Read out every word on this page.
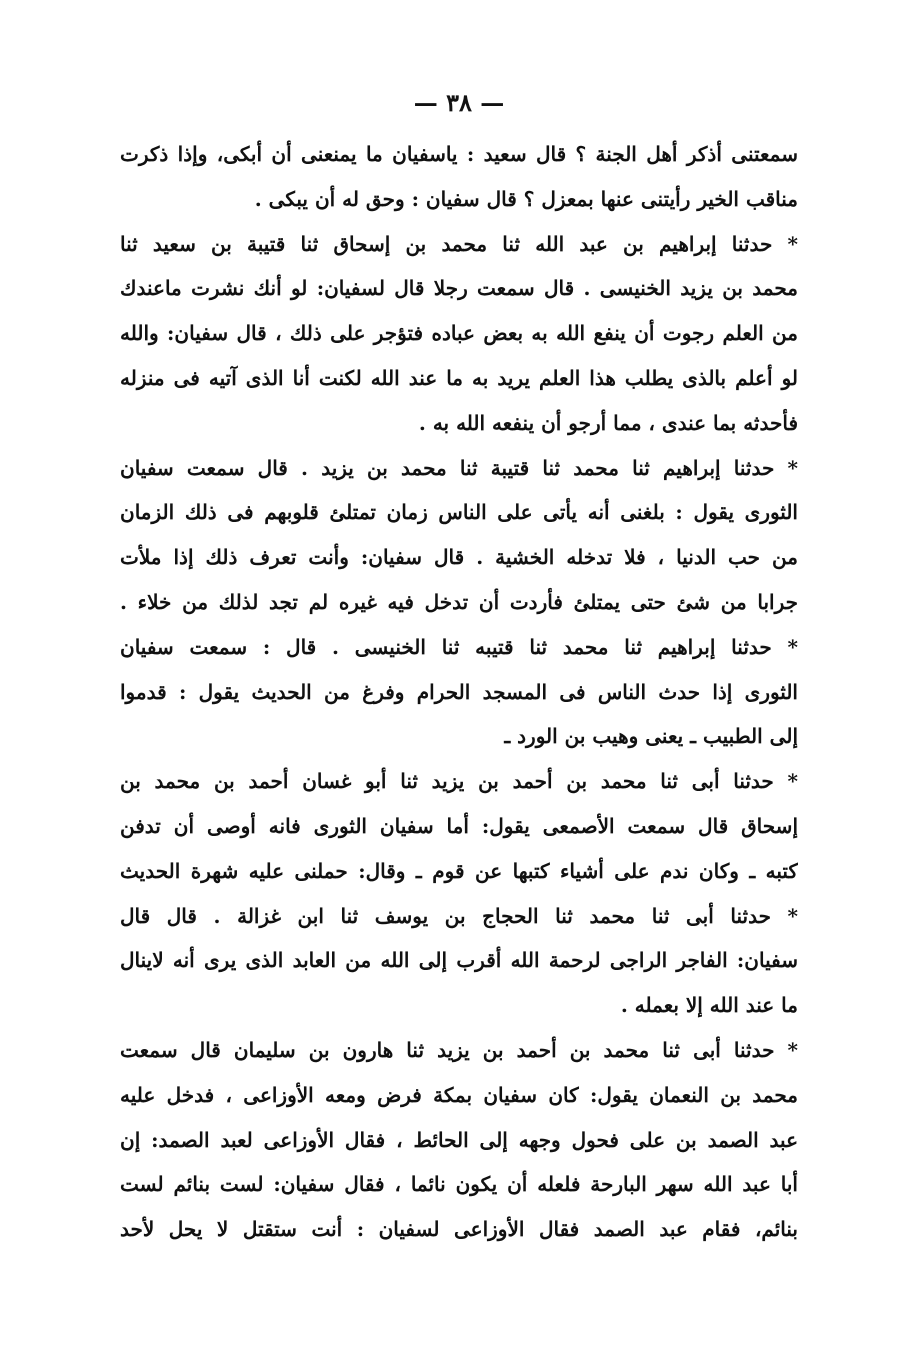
— ٣٨ —
سمعتنى أذكر أهل الجنة ؟ قال سعيد : ياسفيان ما يمنعنى أن أبكى، وإذا ذكرت
مناقب الخير رأيتنى عنها بمعزل ؟ قال سفيان : وحق له أن يبكى .
* حدثنا إبراهيم بن عبد الله ثنا محمد بن إسحاق ثنا قتيبة بن سعيد ثنا
محمد بن يزيد الخنيسى . قال سمعت رجلا قال لسفيان: لو أنك نشرت ماعندك
من العلم رجوت أن ينفع الله به بعض عباده فتؤجر على ذلك ، قال سفيان: والله
لو أعلم بالذى يطلب هذا العلم يريد به ما عند الله لكنت أنا الذى آتيه فى منزله
فأحدثه بما عندى ، مما أرجو أن ينفعه الله به .
* حدثنا إبراهيم ثنا محمد ثنا قتيبة ثنا محمد بن يزيد . قال سمعت سفيان
الثورى يقول : بلغنى أنه يأتى على الناس زمان تمتلئ قلوبهم فى ذلك الزمان
من حب الدنيا ، فلا تدخله الخشية . قال سفيان: وأنت تعرف ذلك إذا ملأت
جرابا من شئ حتى يمتلئ فأردت أن تدخل فيه غيره لم تجد لذلك من خلاء .
* حدثنا إبراهيم ثنا محمد ثنا قتيبه ثنا الخنيسى . قال : سمعت سفيان
الثورى إذا حدث الناس فى المسجد الحرام وفرغ من الحديث يقول : قدموا
إلى الطبيب ـ يعنى وهيب بن الورد ـ
* حدثنا أبى ثنا محمد بن أحمد بن يزيد ثنا أبو غسان أحمد بن محمد بن
إسحاق قال سمعت الأصمعى يقول: أما سفيان الثورى فانه أوصى أن تدفن
كتبه ـ وكان ندم على أشياء كتبها عن قوم ـ وقال: حملنى عليه شهرة الحديث
* حدثنا أبى ثنا محمد ثنا الحجاج بن يوسف ثنا ابن غزالة . قال قال
سفيان: الفاجر الراجى لرحمة الله أقرب إلى الله من العابد الذى يرى أنه لاينال
ما عند الله إلا بعمله .
* حدثنا أبى ثنا محمد بن أحمد بن يزيد ثنا هارون بن سليمان قال سمعت
محمد بن النعمان يقول: كان سفيان بمكة فرض ومعه الأوزاعى ، فدخل عليه
عبد الصمد بن على فحول وجهه إلى الحائط ، فقال الأوزاعى لعبد الصمد: إن
أبا عبد الله سهر البارحة فلعله أن يكون نائما ، فقال سفيان: لست بنائم لست
بنائم، فقام عبد الصمد فقال الأوزاعى لسفيان : أنت ستقتل لا يحل لأحد
